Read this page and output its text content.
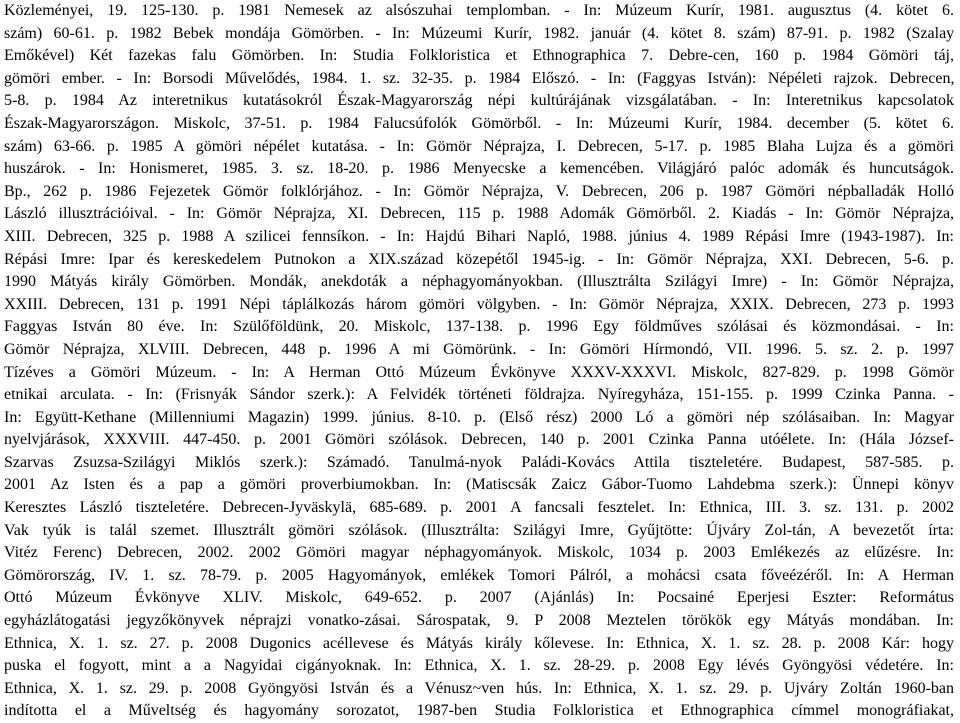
Közleményei, 19. 125-130. p. 1981 Nemesek az alsószuhai templomban. - In: Múzeum Kurír, 1981. augusztus (4. kötet 6.
szám) 60-61. p. 1982 Bebek mondája Gömörben. - In: Múzeumi Kurír, 1982. január (4. kötet 8. szám) 87-91. p. 1982 (Szalay
Emőkével) Két fazekas falu Gömörben. In: Studia Folkloristica et Ethnographica 7. Debre-cen, 160 p. 1984 Gömöri táj,
gömöri ember. - In: Borsodi Művelődés, 1984. 1. sz. 32-35. p. 1984 Előszó. - In: (Faggyas István): Népéleti rajzok. Debrecen,
5-8. p. 1984 Az interetnikus kutatásokról Észak-Magyarország népi kultúrájának vizsgálatában. - In: Interetnikus kapcsolatok
Észak-Magyarországon. Miskolc, 37-51. p. 1984 Falucsúfolók Gömörből. - In: Múzeumi Kurír, 1984. december (5. kötet 6.
szám) 63-66. p. 1985 A gömöri népélet kutatása. - In: Gömör Néprajza, I. Debrecen, 5-17. p. 1985 Blaha Lujza és a gömöri
huszárok. - In: Honismeret, 1985. 3. sz. 18-20. p. 1986 Menyecske a kemencében. Világjáró palóc adomák és huncutságok.
Bp., 262 p. 1986 Fejezetek Gömör folklórjához. - In: Gömör Néprajza, V. Debrecen, 206 p. 1987 Gömöri népballadák Holló
László illusztrációival. - In: Gömör Néprajza, XI. Debrecen, 115 p. 1988 Adomák Gömörből. 2. Kiadás - In: Gömör Néprajza,
XIII. Debrecen, 325 p. 1988 A szilicei fennsíkon. - In: Hajdú Bihari Napló, 1988. június 4. 1989 Répási Imre (1943-1987). In:
Répási Imre: Ipar és kereskedelem Putnokon a XIX.század közepétől 1945-ig. - In: Gömör Néprajza, XXI. Debrecen, 5-6. p.
1990 Mátyás király Gömörben. Mondák, anekdoták a néphagyományokban. (Illusztrálta Szilágyi Imre) - In: Gömör Néprajza,
XXIII. Debrecen, 131 p. 1991 Népi táplálkozás három gömöri völgyben. - In: Gömör Néprajza, XXIX. Debrecen, 273 p. 1993
Faggyas István 80 éve. In: Szülőföldünk, 20. Miskolc, 137-138. p. 1996 Egy földműves szólásai és közmondásai. - In:
Gömör Néprajza, XLVIII. Debrecen, 448 p. 1996 A mi Gömörünk. - In: Gömöri Hírmondó, VII. 1996. 5. sz. 2. p. 1997
Tízéves a Gömöri Múzeum. - In: A Herman Ottó Múzeum Évkönyve XXXV-XXXVI. Miskolc, 827-829. p. 1998 Gömör
etnikai arculata. - In: (Frisnyák Sándor szerk.): A Felvidék történeti földrajza. Nyíregyháza, 151-155. p. 1999 Czinka Panna. -
In: Együtt-Kethane (Millenniumi Magazin) 1999. június. 8-10. p. (Első rész) 2000 Ló a gömöri nép szólásaiban. In: Magyar
nyelvjárások, XXXVIII. 447-450. p. 2001 Gömöri szólások. Debrecen, 140 p. 2001 Czinka Panna utóélete. In: (Hála József-
Szarvas Zsuzsa-Szilágyi Miklós szerk.): Számadó. Tanulmá-nyok Paládi-Kovács Attila tiszteletére. Budapest, 587-585. p.
2001 Az Isten és a pap a gömöri proverbiumokban. In: (Matiscsák Zaicz Gábor-Tuomo Lahdebma szerk.): Ünnepi könyv
Keresztes László tiszteletére. Debrecen-Jyväskylä, 685-689. p. 2001 A fancsali fesztelet. In: Ethnica, III. 3. sz. 131. p. 2002
Vak tyúk is talál szemet. Illusztrált gömöri szólások. (Illusztrálta: Szilágyi Imre, Gyűjtötte: Újváry Zol-tán, A bevezetőt írta:
Vitéz Ferenc) Debrecen, 2002. 2002 Gömöri magyar néphagyományok. Miskolc, 1034 p. 2003 Emlékezés az elűzésre. In:
Gömörország, IV. 1. sz. 78-79. p. 2005 Hagyományok, emlékek Tomori Pálról, a mohácsi csata főveézéről. In: A Herman
Ottó Múzeum Évkönyve XLIV. Miskolc, 649-652. p. 2007 (Ajánlás) In: Pocsainé Eperjesi Eszter: Református
egyházlátogatási jegyzőkönyvek néprajzi vonatko-zásai. Sárospatak, 9. P 2008 Meztelen törökök egy Mátyás mondában. In:
Ethnica, X. 1. sz. 27. p. 2008 Dugonics acéllevese és Mátyás király kőlevese. In: Ethnica, X. 1. sz. 28. p. 2008 Kár: hogy
puska el fogyott, mint a a Nagyidai cigányoknak. In: Ethnica, X. 1. sz. 28-29. p. 2008 Egy lévés Gyöngyösi védetére. In:
Ethnica, X. 1. sz. 29. p. 2008 Gyöngyösi István és a Vénusz~ven hús. In: Ethnica, X. 1. sz. 29. p. Ujváry Zoltán 1960-ban
indította el a Műveltség és hagyomány sorozatot, 1987-ben Studia Folkloristica et Ethnographica címmel monográfiakat,
